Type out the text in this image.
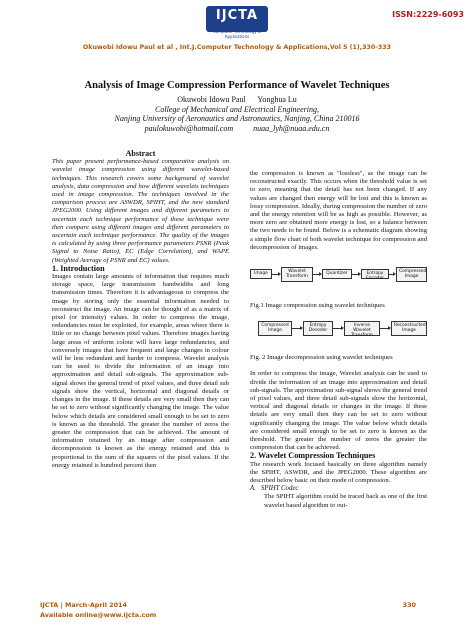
IJCTA
International Journal of Computer Technology & Applications
ISSN:2229-6093
Okuwobi Idowu Paul et al , Int.J.Computer Technology & Applications,Vol 5 (1),330-333
Analysis of Image Compression Performance of Wavelet Techniques
Okuwobi Idowu Paul      Yonghua Lu
College of Mechanical and Electrical Engineering,
Nanjing University of Aeronautics and Astronautics, Nanjing, China 210016
paulokuwobi@hotmail.com          nuaa_lyh@nuaa.edu.cn

Abstract

This paper present performance-based comparative analysis on wavelet image compression using different wavelet-based techniques. This research covers some background of wavelet analysis, data compression and how different wavelets techniques used in image compression. The techniques involved in the comparison process are ASWDR, SPIHT, and the new standard JPEG2000. Using different images and different parameters to ascertain each technique performance of these technique were then compare using different images and different parameters to ascertain each technique performance. The quality of the images is calculated by using three performance parameters PSNR (Peak Signal to Noise Ratio), EC (Edge Correlation), and WAPE (Weighted Average of PSNR and EC) values.

1. Introduction

Images contain large amounts of information that requires much storage space, large transmission bandwidths and long transmission times. Therefore it is advantageous to compress the image by storing only the essential information needed to reconstruct the image. An image can be thought of as a matrix of pixel (or intensity) values. In order to compress the image, redundancies must be exploited, for example, areas where there is little or no change between pixel values. Therefore images having large areas of uniform colour will have large redundancies, and conversely images that have frequent and large changes in colour will be less redundant and harder to compress. Wavelet analysis can be used to divide the information of an image into approximation and detail sub-signals. The approximation sub-signal shows the general trend of pixel values, and three detail sub signals show the vertical, horizontal and diagonal details or changes in the image. If these details are very small then they can be set to zero without significantly changing the image. The value below which details are considered small enough to be set to zero is known as the threshold. The greater the number of zeros the greater the compression that can be achieved. The amount of information retained by an image after compression and decompression is known as the energy retained and this is proportional to the sum of the squares of the pixel values. If the energy retained is hundred percent then

the compression is known as "lossless", as the image can be reconstructed exactly. This occurs when the threshold value is set to zero, meaning that the detail has not been changed. If any values are changed then energy will be lost and this is known as lossy compression. Ideally, during compression the number of zero and the energy retention will be as high as possible. However, as more zero are obtained more energy is lost, so a balance between the two needs to be found. Below is a schematic diagram showing a simple flow chart of both wavelet technique for compression and decompression of images.

Image	Wavelet Transform
Quantizer	Entropy Encoder
Compressed Image

Fig.1 Image compression using wavelet techniques

Compressed Image
Entropy Decoder
Inverse Wavelet Transform
Reconstructed Image

Fig. 2 Image decompression using wavelet techniques

In order to compress the image, Wavelet analysis can be used to divide the information of an image into approximation and detail sub-signals. The approximation sub-signal shows the general trend of pixel values, and three detail sub-signals show the horizontal, vertical and diagonal details or changes in the image. If these details are very small then they can be set to zero without significantly changing the image. The value below which details are considered small enough to be set to zero is known as the threshold. The greater the number of zeros the greater the compression that can be achieved.

2. Wavelet Compression Techniques

The research work focused basically on three algorithm namely the SPIHT, ASWDR, and the JPEG2000. These algorithm are described below basic on their mode of compression.

A.   SPIHT Codec

The SPIHT algorithm could be traced back as one of the first wavelet based algorithm to out-

IJCTA | March-April 2014
Available online@www.ijcta.com
330
